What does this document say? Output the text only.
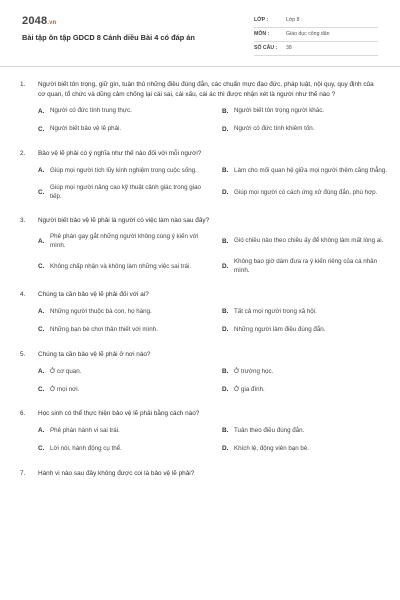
2048.vn
Bài tập ôn tập GDCD 8 Cánh diều Bài 4 có đáp án
LỚP :	Lớp 8
MÔN :	Giáo dục công dân
SỐ CÂU :	38
1.	Người biết tôn trọng, giữ gìn, tuân thủ những điều đúng đắn, các chuẩn mực đạo đức, pháp luật, nội quy, quy định của cơ quan, tổ chức và dũng cảm chống lại cái sai, cái xấu, cái ác thì được nhận xét là người như thế nào ?
A. Người có đức tính trung thực.	B. Người biết tôn trọng người khác.
C. Người biết bảo vệ lẽ phải.	D. Người có đức tính khiêm tốn.
2.	Bảo vệ lẽ phải có ý nghĩa như thế nào đối với mỗi người?
A. Giúp mọi người tích lũy kinh nghiệm trong cuộc sống.	B. Làm cho mối quan hệ giữa mọi người thêm căng thẳng.
C.
Giúp mọi người nâng cao kỹ thuật cảnh giác trong giao tiếp.
D. Giúp mọi người có cách ứng xử đúng đắn, phù hợp.
3.	Người biết bảo vệ lẽ phải là người có việc làm nào sau đây?
A.
Phê phán gay gắt những người không cùng ý kiến với mình.
B. Gió chiều nào theo chiều ấy để không làm mất lòng ai.
C. Không chấp nhận và không làm những việc sai trái.	D.
Không bao giờ dám đưa ra ý kiến riêng của cá nhân mình.
4.	Chúng ta cần bảo vệ lẽ phải đối với ai?
A. Những người thuộc bà con, họ hàng.	B. Tất cả mọi người trong xã hội.
C. Những bạn bè chơi thân thiết với mình.	D. Những người làm điều đúng đắn.
5.	Chúng ta cần bảo vệ lẽ phải ở nơi nào?
A. Ở cơ quan.	B. Ở trường học.
C. Ở mọi nơi.	D. Ở gia đình.
6.	Học sinh có thể thực hiện bảo vệ lẽ phải bằng cách nào?
A. Phê phán hành vi sai trái.	B. Tuân theo điều đúng đắn.
C. Lời nói, hành động cụ thể.	D. Khích lệ, động viên bạn bè.
7.	Hành vi nào sau đây không được coi là bảo vệ lẽ phải?
